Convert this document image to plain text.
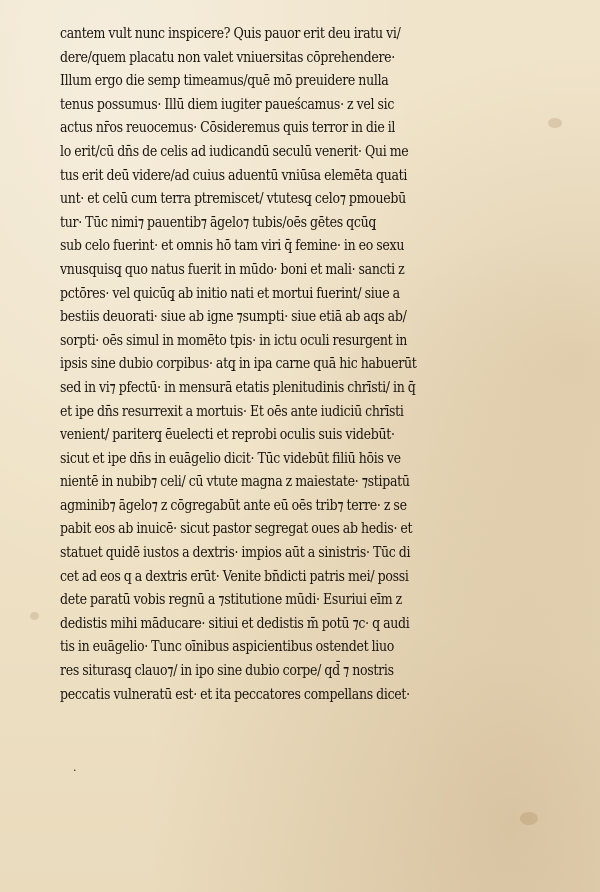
cantem vult nunc inspicere? Quis pauor erit deu iratu vi/
dere/quem placatu non valet vniuersitas cōprehendere·
Illum ergo die semp timeamus/quē mō preuidere nulla
tenus possumus· Illū diem iugiter paueścamus· z vel sic
actus nr̄os reuocemus· Cōsideremus quis terror in die il
lo erit/cū dn̄s de celis ad iudicandū seculū venerit· Qui me
tus erit deū videre/ad cuius aduentū vniūsa elemēta quati
unt· et celū cum terra ptremiscet/ vtutesq̧ celo⁊ pmouebū
tur· Tūc nimi⁊ pauentib⁊ āgelo⁊ tubis/oēs gētes qcūq̧
sub celo fuerint· et omnis hō tam viri q̄ femine· in eo sexu
vnusquisq̧ quo natus fuerit in mūdo· boni et mali· sancti z
pctōres· vel quicūq̧ ab initio nati et mortui fuerint/ siue a
bestiis deuorati· siue ab igne ⁊sumpti· siue etiā ab aqs ab/
sorpti· oēs simul in momēto tpis· in ictu oculi resurgent in
ipsis sine dubio corpibus· atq̧ in ipa carne quā hic habuerūt
sed in vi⁊ pfectū· in mensurā etatis plenitudinis chrīsti/ in q̄
et ipe dn̄s resurrexit a mortuis· Et oēs ante iudiciū chrīsti
venient/ pariterq̧ ēuelecti et reprobi oculis suis videbūt·
sicut et ipe dn̄s in euāgelio dicit· Tūc videbūt filiū hōis ve
nientē in nubib⁊ celi/ cū vtute magna z maiestate· ⁊stipatū
agminib⁊ āgelo⁊ z cōgregabūt ante eū oēs trib⁊ terre· z se
pabit eos ab inuicē· sicut pastor segregat oues ab hedis· et
statuet quidē iustos a dextris· impios aūt a sinistris· Tūc di
cet ad eos q a dextris erūt· Venite bn̄dicti patris mei/ possi
dete paratū vobis regnū a ⁊stitutione mūdi· Esuriui eīm z
dedistis mihi māducare· sitiui et dedistis m̄ potū ⁊c· q audi
tis in euāgelio· Tunc oīnibus aspicientibus ostendet liuo
res siturasq̧ clauo⁊/ in ipo sine dubio corpe/ qd̄ ⁊ nostris
peccatis vulneratū est· et ita peccatores compellans dicet·
·
